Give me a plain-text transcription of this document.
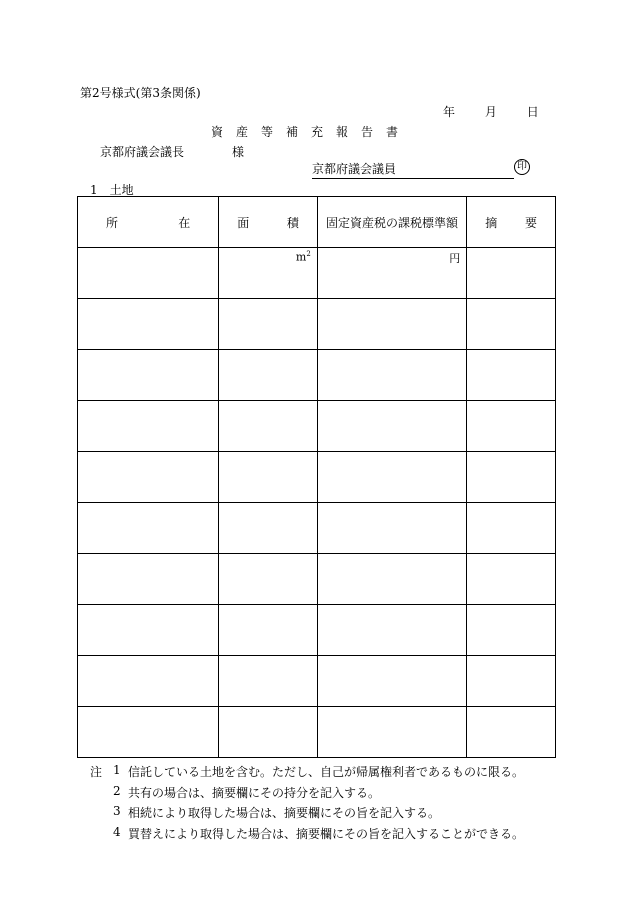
第2号様式(第3条関係)
年 月 日
資産等補充報告書
京都府議会議長	様
京都府議会議員	印
1 土地
所 在	面 積	固定資産税の課税標準額	摘 要

	$m^2$	円	

注 1 信託している土地を含む。ただし、自己が帰属権利者であるものに限る。
2 共有の場合は、摘要欄にその持分を記入する。
3 相続により取得した場合は、摘要欄にその旨を記入する。
4 買替えにより取得した場合は、摘要欄にその旨を記入することができる。
